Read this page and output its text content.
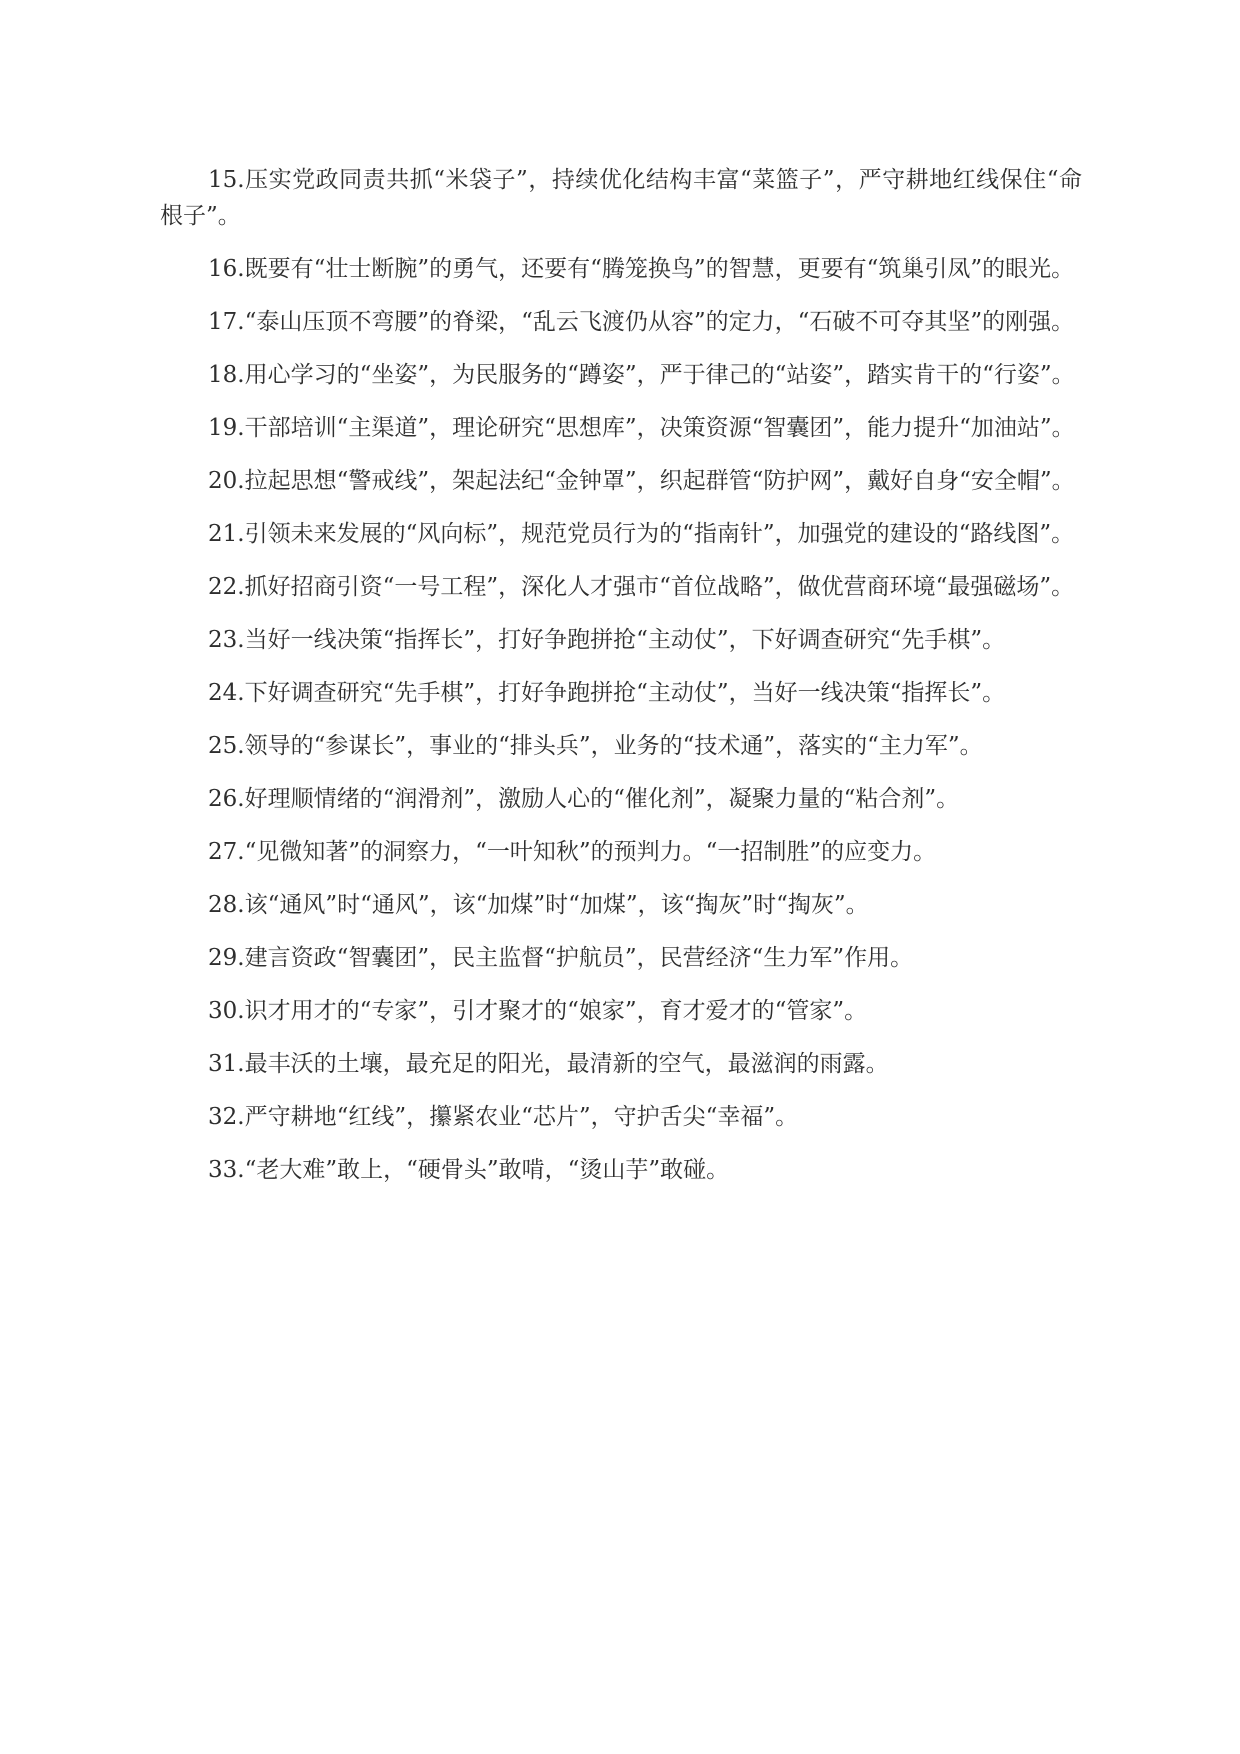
15.压实党政同责共抓“米袋子”，持续优化结构丰富“菜篮子”，严守耕地红线保住“命根子”。

16.既要有“壮士断腕”的勇气，还要有“腾笼换鸟”的智慧，更要有“筑巢引凤”的眼光。

17.“泰山压顶不弯腰”的脊梁，“乱云飞渡仍从容”的定力，“石破不可夺其坚”的刚强。

18.用心学习的“坐姿”，为民服务的“蹲姿”，严于律己的“站姿”，踏实肯干的“行姿”。

19.干部培训“主渠道”，理论研究“思想库”，决策资源“智囊团”，能力提升“加油站”。

20.拉起思想“警戒线”，架起法纪“金钟罩”，织起群管“防护网”，戴好自身“安全帽”。

21.引领未来发展的“风向标”，规范党员行为的“指南针”，加强党的建设的“路线图”。

22.抓好招商引资“一号工程”，深化人才强市“首位战略”，做优营商环境“最强磁场”。

23.当好一线决策“指挥长”，打好争跑拼抢“主动仗”，下好调查研究“先手棋”。

24.下好调查研究“先手棋”，打好争跑拼抢“主动仗”，当好一线决策“指挥长”。

25.领导的“参谋长”，事业的“排头兵”，业务的“技术通”，落实的“主力军”。

26.好理顺情绪的“润滑剂”，激励人心的“催化剂”，凝聚力量的“粘合剂”。

27.“见微知著”的洞察力，“一叶知秋”的预判力。“一招制胜”的应变力。

28.该“通风”时“通风”，该“加煤”时“加煤”，该“掏灰”时“掏灰”。

29.建言资政“智囊团”，民主监督“护航员”，民营经济“生力军”作用。

30.识才用才的“专家”，引才聚才的“娘家”，育才爱才的“管家”。

31.最丰沃的土壤，最充足的阳光，最清新的空气，最滋润的雨露。

32.严守耕地“红线”，攥紧农业“芯片”，守护舌尖“幸福”。

33.“老大难”敢上，“硬骨头”敢啃，“烫山芋”敢碰。
